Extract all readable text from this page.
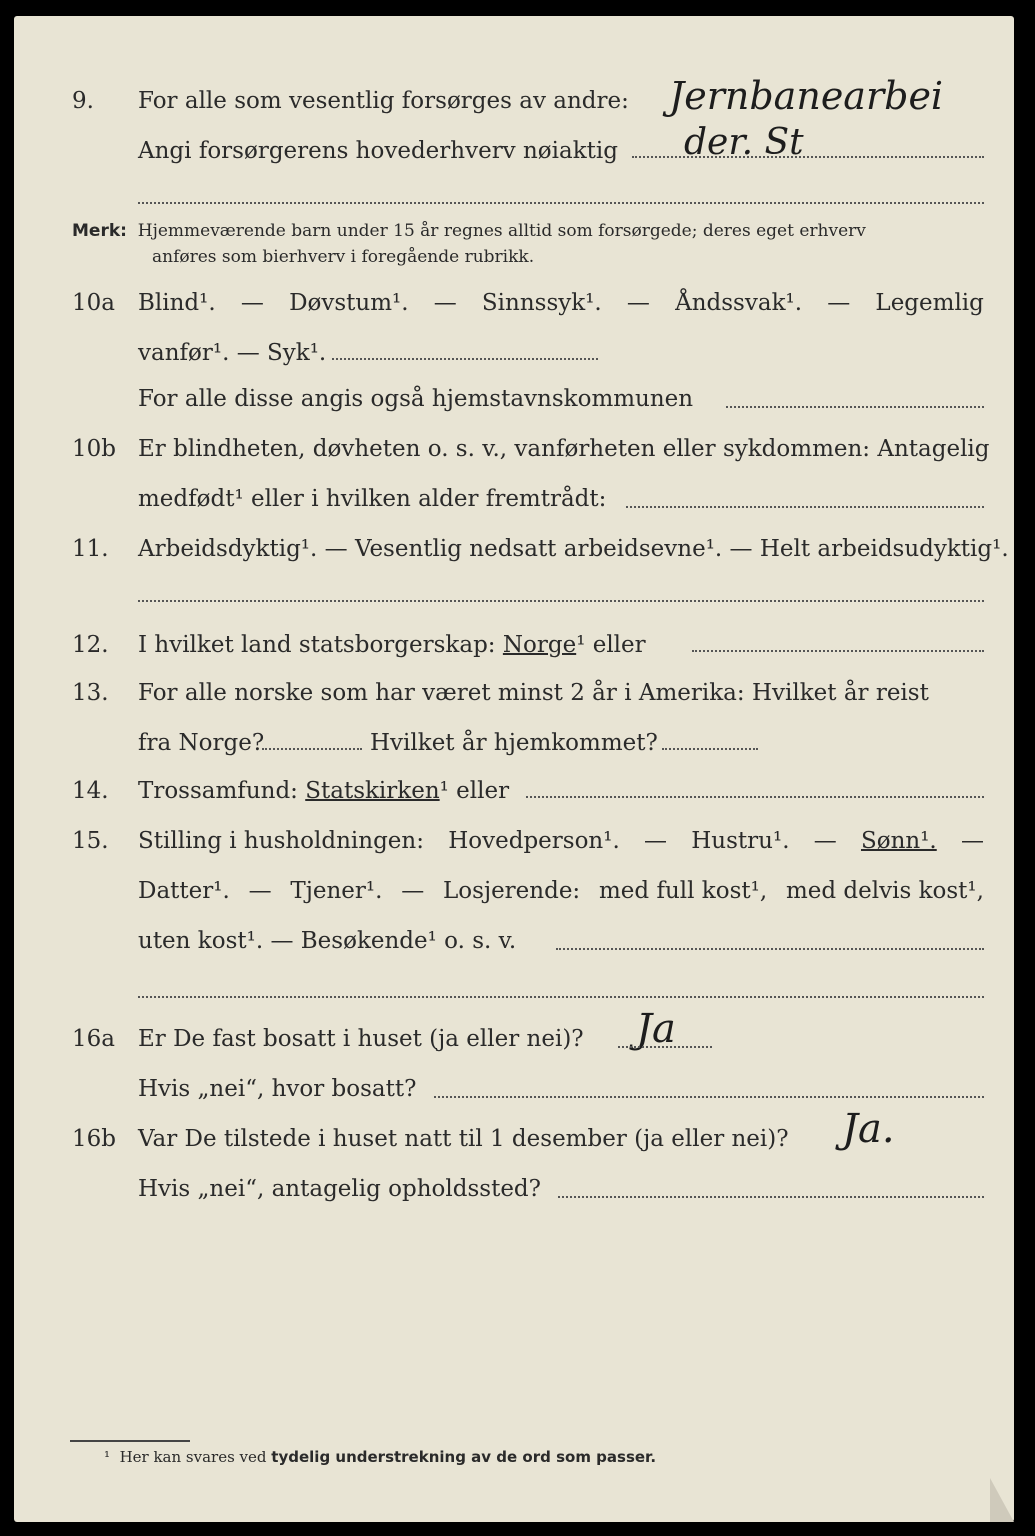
9. For alle som vesentlig forsørges av andre: Jernbanearbei
Angi forsørgerens hovederhverv nøiaktig der. St
Merk: Hjemmeværende barn under 15 år regnes alltid som forsørgede; deres eget erhverv
anføres som bierhverv i foregående rubrikk.
10a Blind¹. — Døvstum¹. — Sinnssyk¹. — Åndssvak¹. — Legemlig
vanfør¹. — Syk¹.
For alle disse angis også hjemstavnskommunen
10b Er blindheten, døvheten o. s. v., vanførheten eller sykdommen: Antagelig
medfødt¹ eller i hvilken alder fremtrådt:
11. Arbeidsdyktig¹. — Vesentlig nedsatt arbeidsevne¹. — Helt arbeidsudyktig¹.
12. I hvilket land statsborgerskap: Norge¹ eller
13. For alle norske som har været minst 2 år i Amerika: Hvilket år reist
fra Norge?	Hvilket år hjemkommet?
14. Trossamfund: Statskirken¹ eller
15. Stilling i husholdningen: Hovedperson¹. — Hustru¹. — Sønn¹. —
Datter¹. — Tjener¹. — Losjerende: med full kost¹, med delvis kost¹,
uten kost¹. — Besøkende¹ o. s. v.
16a Er De fast bosatt i huset (ja eller nei)? Ja
Hvis „nei“, hvor bosatt?
16b Var De tilstede i huset natt til 1 desember (ja eller nei)? Ja.
Hvis „nei“, antagelig opholdssted?
¹ Her kan svares ved tydelig understrekning av de ord som passer.
